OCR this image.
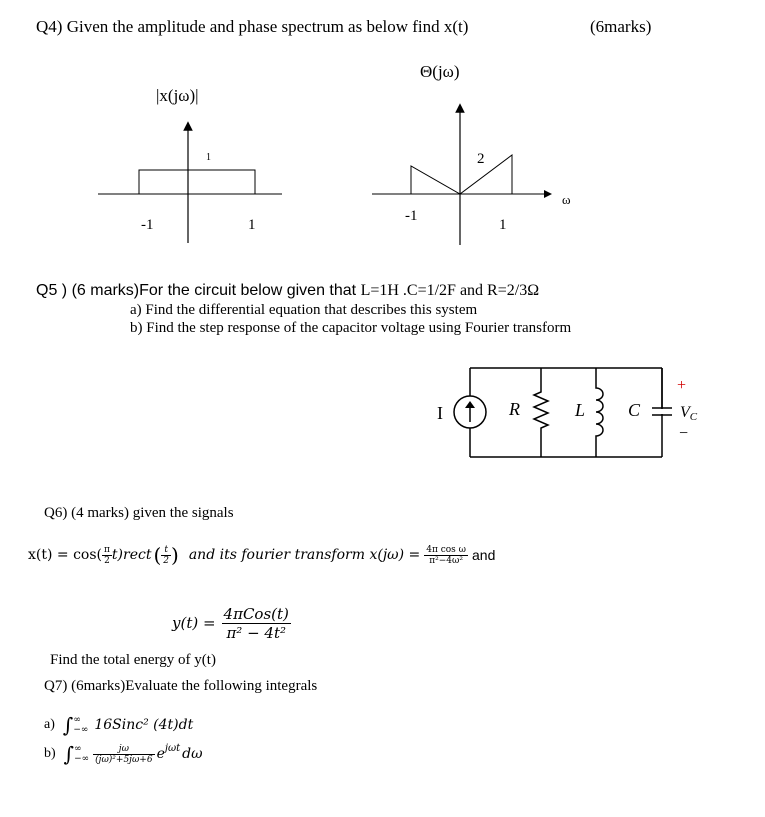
Q4) Given the amplitude and phase spectrum as below find x(t)	(6marks)
|x(jω)|
Θ(jω)
1
-1	1
2
-1
1
ω
Q5 ) (6 marks)For the circuit below given that L=1H .C=1/2F and R=2/3Ω
a) Find the differential equation that describes this system
b) Find the step response of the capacitor voltage using Fourier transform
I	R	L C
+
−
VC
Q6) (4 marks) given the signals
$x(t) = \cos( \frac{\pi}{2}$ t)rect ( $\frac{t}{2}$ ) and its fourier transform $x(j\omega) = \frac{\text{4π cos ω}}{\text{π²−4ω²}}$ and
$y(t) = \frac{\text{4πCos(t)}}{\text{π² − 4t²}}$
Find the total energy of y(t)
Q7) (6marks)Evaluate the following integrals
a) ∫ ∞
−∞ 16Sinc² (4t)dt
b) ∫ ∞
−∞ $\frac{j\omega}{\text{(jω)²+5jω+6}}$ e jωt dω
